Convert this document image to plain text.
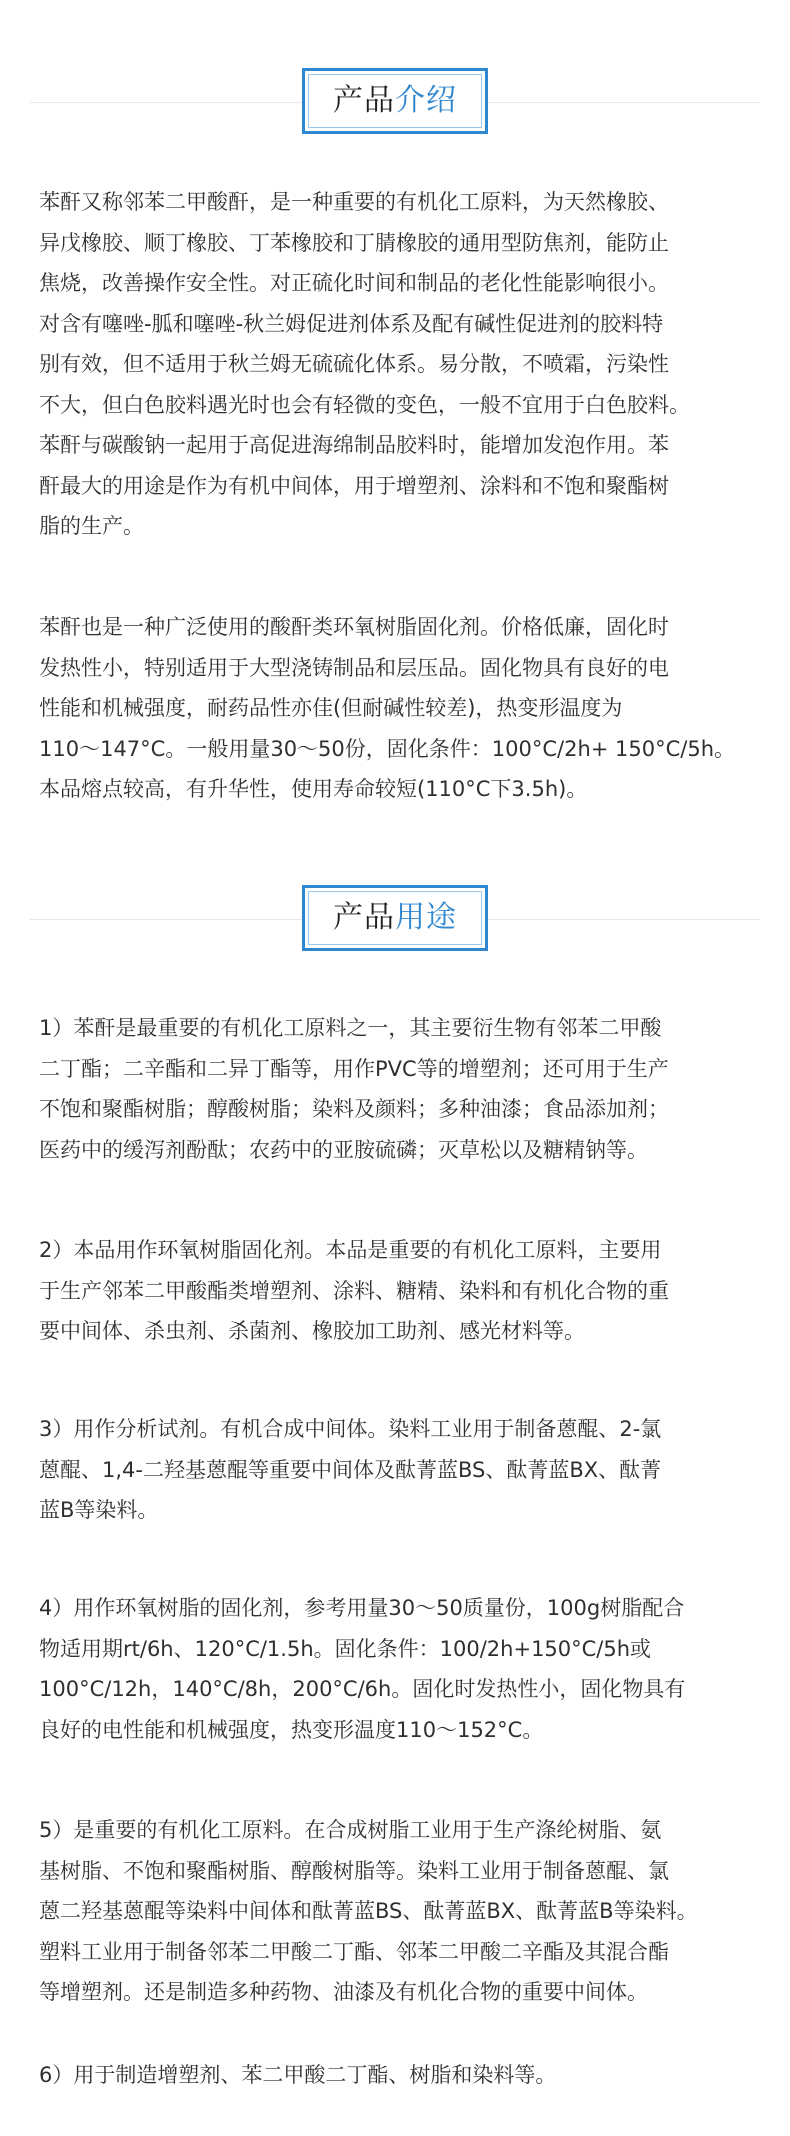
产品 介绍

苯酐又称邻苯二甲酸酐，是一种重要的有机化工原料，为天然橡胶、
异戊橡胶、顺丁橡胶、丁苯橡胶和丁腈橡胶的通用型防焦剂，能防止
焦烧，改善操作安全性。对正硫化时间和制品的老化性能影响很小。
对含有噻唑-胍和噻唑-秋兰姆促进剂体系及配有碱性促进剂的胶料特
别有效，但不适用于秋兰姆无硫硫化体系。易分散，不喷霜，污染性
不大，但白色胶料遇光时也会有轻微的变色，一般不宜用于白色胶料。
苯酐与碳酸钠一起用于高促进海绵制品胶料时，能增加发泡作用。苯
酐最大的用途是作为有机中间体，用于增塑剂、涂料和不饱和聚酯树
脂的生产。

苯酐也是一种广泛使用的酸酐类环氧树脂固化剂。价格低廉，固化时
发热性小，特别适用于大型浇铸制品和层压品。固化物具有良好的电
性能和机械强度，耐药品性亦佳(但耐碱性较差)，热变形温度为
110～147°C。一般用量30～50份，固化条件：100°C/2h+ 150°C/5h。
本品熔点较高，有升华性，使用寿命较短(110°C下3.5h)。

产品 用途

1）苯酐是最重要的有机化工原料之一，其主要衍生物有邻苯二甲酸
二丁酯；二辛酯和二异丁酯等，用作PVC等的增塑剂；还可用于生产
不饱和聚酯树脂；醇酸树脂；染料及颜料；多种油漆；食品添加剂；
医药中的缓泻剂酚酞；农药中的亚胺硫磷；灭草松以及糖精钠等。

2）本品用作环氧树脂固化剂。本品是重要的有机化工原料，主要用
于生产邻苯二甲酸酯类增塑剂、涂料、糖精、染料和有机化合物的重
要中间体、杀虫剂、杀菌剂、橡胶加工助剂、感光材料等。

3）用作分析试剂。有机合成中间体。染料工业用于制备蒽醌、2-氯
蒽醌、1,4-二羟基蒽醌等重要中间体及酞菁蓝BS、酞菁蓝BX、酞菁
蓝B等染料。

4）用作环氧树脂的固化剂，参考用量30～50质量份，100g树脂配合
物适用期rt/6h、120°C/1.5h。固化条件：100/2h+150°C/5h或
100°C/12h，140°C/8h，200°C/6h。固化时发热性小，固化物具有
良好的电性能和机械强度，热变形温度110～152°C。

5）是重要的有机化工原料。在合成树脂工业用于生产涤纶树脂、氨
基树脂、不饱和聚酯树脂、醇酸树脂等。染料工业用于制备蒽醌、氯
蒽二羟基蒽醌等染料中间体和酞菁蓝BS、酞菁蓝BX、酞菁蓝B等染料。
塑料工业用于制备邻苯二甲酸二丁酯、邻苯二甲酸二辛酯及其混合酯
等增塑剂。还是制造多种药物、油漆及有机化合物的重要中间体。

6）用于制造增塑剂、苯二甲酸二丁酯、树脂和染料等。
